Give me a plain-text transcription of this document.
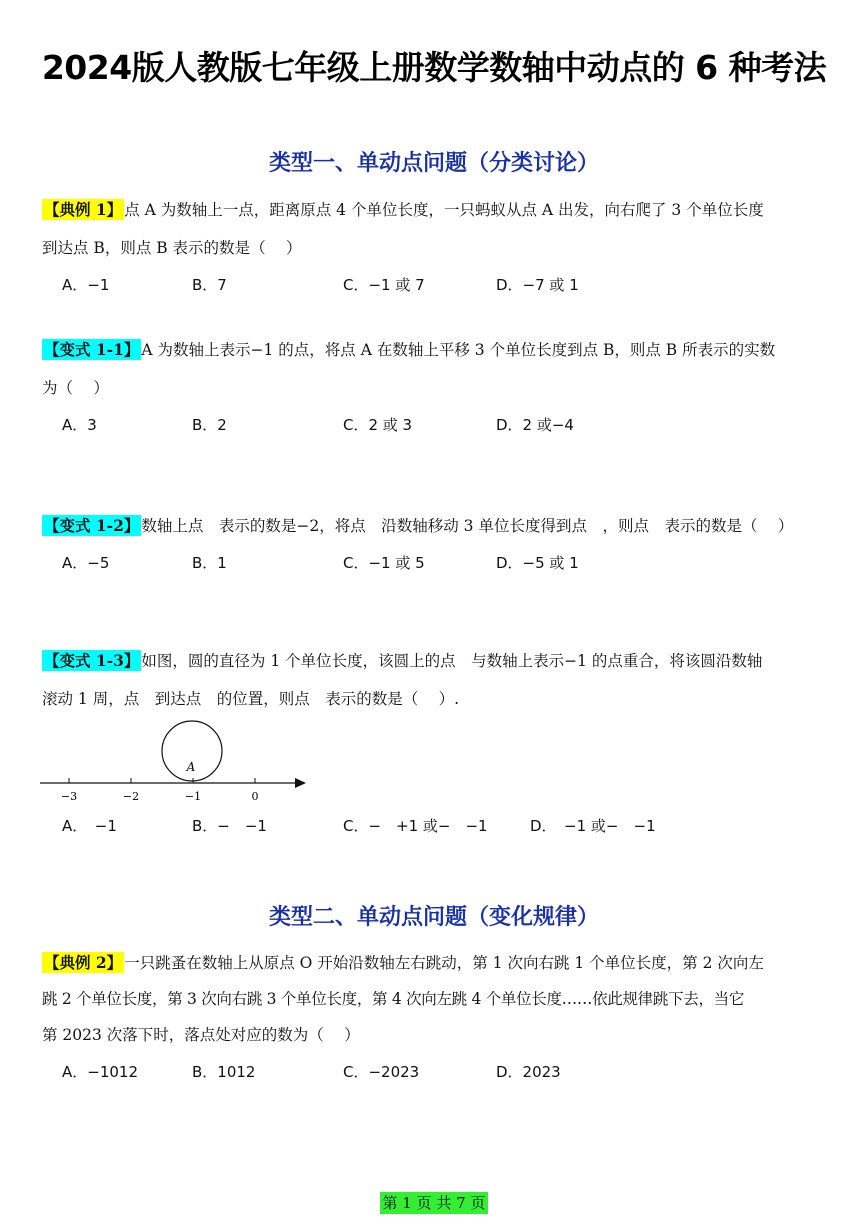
2024版人教版七年级上册数学数轴中动点的 6 种考法
类型一、单动点问题（分类讨论）
【典例 1】 点 A 为数轴上一点，距离原点 4 个单位长度，一只蚂蚁从点 A 出发，向右爬了 3 个单位长度
到达点 B，则点 B 表示的数是（　 ）
A．−1	B．7	C．−1 或 7	D．−7 或 1
【变式 1-1】 A 为数轴上表示−1 的点，将点 A 在数轴上平移 3 个单位长度到点 B，则点 B 所表示的实数
为（　 ）
A．3	B．2	C．2 或 3	D．2 或−4
【变式 1-2】 数轴上点　表示的数是−2，将点　沿数轴移动 3 单位长度得到点　，则点　表示的数是（　 ）
A．−5	B．1	C．−1 或 5	D．−5 或 1
【变式 1-3】 如图，圆的直径为 1 个单位长度，该圆上的点　与数轴上表示−1 的点重合，将该圆沿数轴
滚动 1 周，点　到达点　的位置，则点　表示的数是（　 ）.
A
−3	−2	−1	0
A．　−1	B．−　−1	C．−　+1 或−　−1	D．　−1 或−　−1
类型二、单动点问题（变化规律）
【典例 2】 一只跳蚤在数轴上从原点 O 开始沿数轴左右跳动，第 1 次向右跳 1 个单位长度，第 2 次向左
跳 2 个单位长度，第 3 次向右跳 3 个单位长度，第 4 次向左跳 4 个单位长度……依此规律跳下去，当它
第 2023 次落下时，落点处对应的数为（　 ）
A．−1012	B．1012	C．−2023	D．2023
第 1 页 共 7 页
